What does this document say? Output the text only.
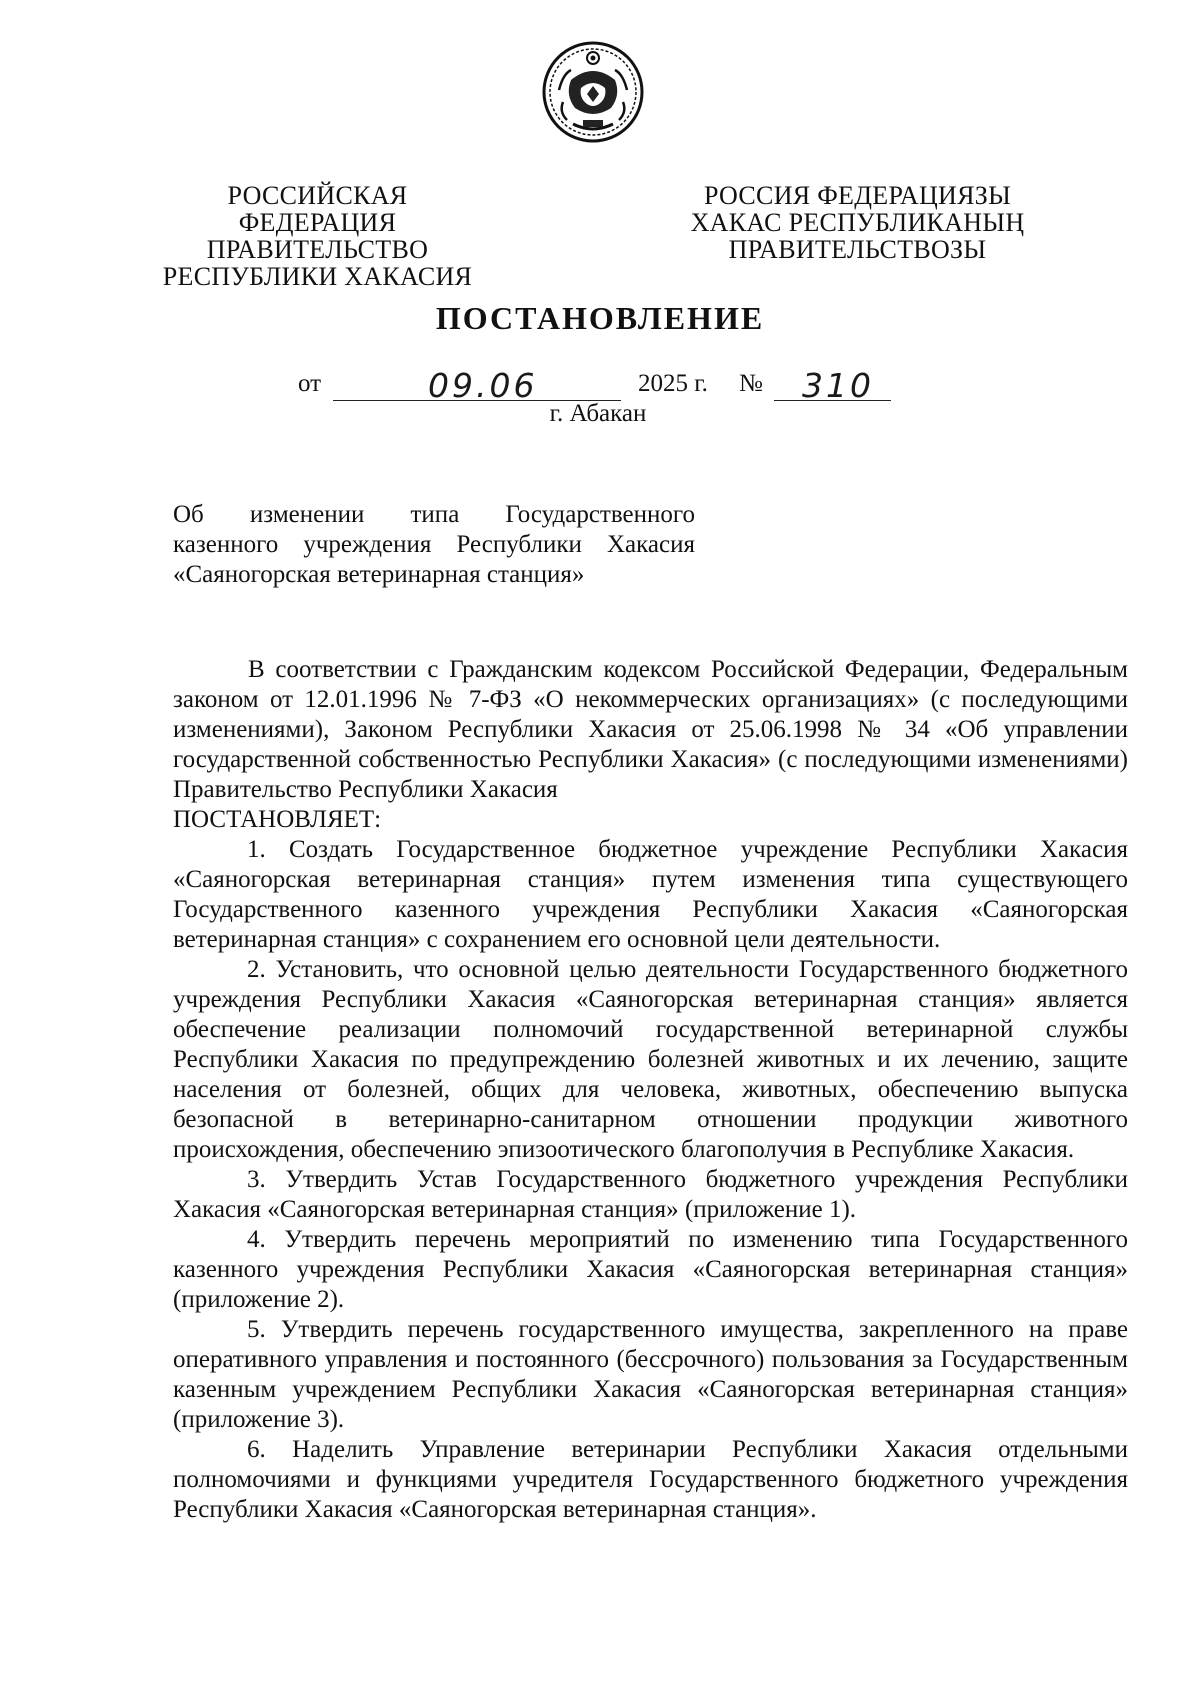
РОССИЙСКАЯ ФЕДЕРАЦИЯ
ПРАВИТЕЛЬСТВО
РЕСПУБЛИКИ ХАКАСИЯ
РОССИЯ ФЕДЕРАЦИЯЗЫ
ХАКАС РЕСПУБЛИКАНЫҢ
ПРАВИТЕЛЬСТВОЗЫ
ПОСТАНОВЛЕНИЕ
от	09.06	2025 г. № 310
г. Абакан
Об изменении типа Государственного
казенного учреждения Республики Хакасия
«Саяногорская ветеринарная станция»

В соответствии с Гражданским кодексом Российской Федерации, Федеральным законом от 12.01.1996 № 7-ФЗ «О некоммерческих организациях» (с последующими изменениями), Законом Республики Хакасия от 25.06.1998 № 34 «Об управлении государственной собственностью Республики Хакасия» (с последующими изменениями) Правительство Республики Хакасия

ПОСТАНОВЛЯЕТ:

1. Создать Государственное бюджетное учреждение Республики Хакасия «Саяногорская ветеринарная станция» путем изменения типа существующего Государственного казенного учреждения Республики Хакасия «Саяногорская ветеринарная станция» с сохранением его основной цели деятельности.

2. Установить, что основной целью деятельности Государственного бюджетного учреждения Республики Хакасия «Саяногорская ветеринарная станция» является обеспечение реализации полномочий государственной ветеринарной службы Республики Хакасия по предупреждению болезней животных и их лечению, защите населения от болезней, общих для человека, животных, обеспечению выпуска безопасной в ветеринарно-санитарном отношении продукции животного происхождения, обеспечению эпизоотического благополучия в Республике Хакасия.

3. Утвердить Устав Государственного бюджетного учреждения Республики Хакасия «Саяногорская ветеринарная станция» (приложение 1).

4. Утвердить перечень мероприятий по изменению типа Государственного казенного учреждения Республики Хакасия «Саяногорская ветеринарная станция» (приложение 2).

5. Утвердить перечень государственного имущества, закрепленного на праве оперативного управления и постоянного (бессрочного) пользования за Государственным казенным учреждением Республики Хакасия «Саяногорская ветеринарная станция» (приложение 3).

6. Наделить Управление ветеринарии Республики Хакасия отдельными полномочиями и функциями учредителя Государственного бюджетного учреждения Республики Хакасия «Саяногорская ветеринарная станция».
